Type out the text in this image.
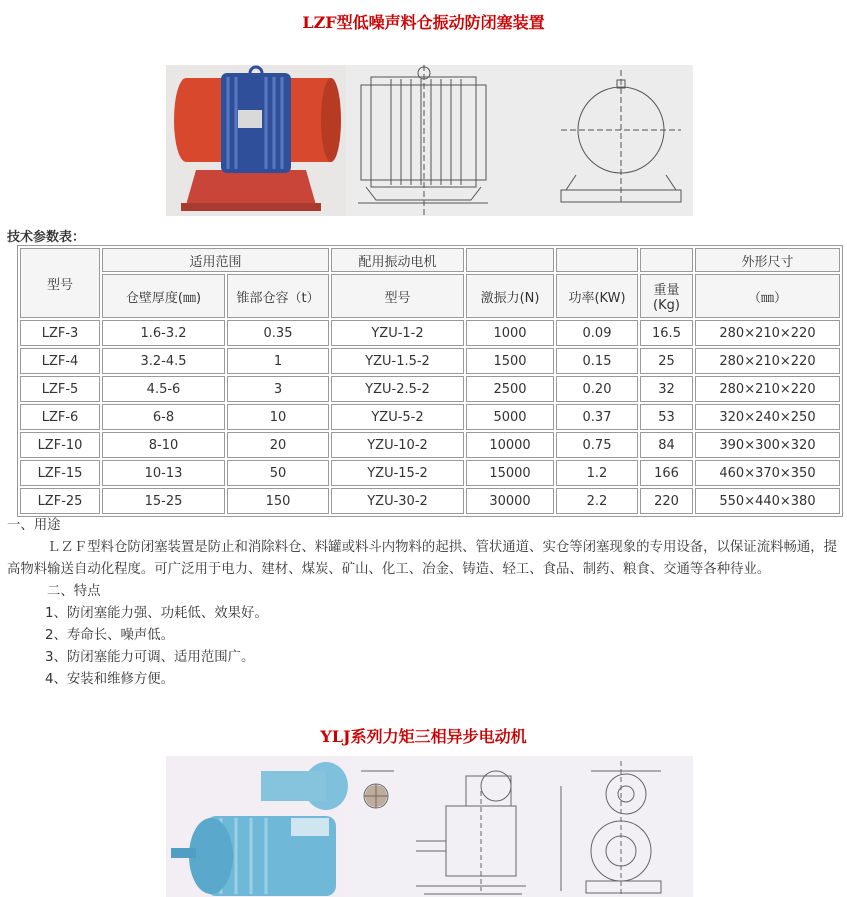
LZF型低噪声料仓振动防闭塞装置
技术参数表：
型号	适用范围		配用振动电机				外形尺寸
	仓壁厚度(㎜)	锥部仓容（t）	型号	激振力(N)	功率(KW)	重量(Kg)	（㎜）
LZF-3	1.6-3.2	0.35	YZU-1-2	1000	0.09	16.5	280×210×220
LZF-4	3.2-4.5	1	YZU-1.5-2	1500	0.15	25	280×210×220
LZF-5	4.5-6	3	YZU-2.5-2	2500	0.20	32	280×210×220
LZF-6	6-8	10	YZU-5-2	5000	0.37	53	320×240×250
LZF-10	8-10	20	YZU-10-2	10000	0.75	84	390×300×320
LZF-15	10-13	50	YZU-15-2	15000	1.2	166	460×370×350
LZF-25	15-25	150	YZU-30-2	30000	2.2	220	550×440×380

一、用途

ＬＺＦ型料仓防闭塞装置是防止和消除料仓、料罐或料斗内物料的起拱、管状通道、实仓等闭塞现象的专用设备，以保证流料畅通，提高物料输送自动化程度。可广泛用于电力、建材、煤炭、矿山、化工、冶金、铸造、轻工、食品、制药、粮食、交通等各种待业。

二、特点

1、防闭塞能力强、功耗低、效果好。

2、寿命长、噪声低。

3、防闭塞能力可调、适用范围广。

4、安装和维修方便。

YLJ系列力矩三相异步电动机
